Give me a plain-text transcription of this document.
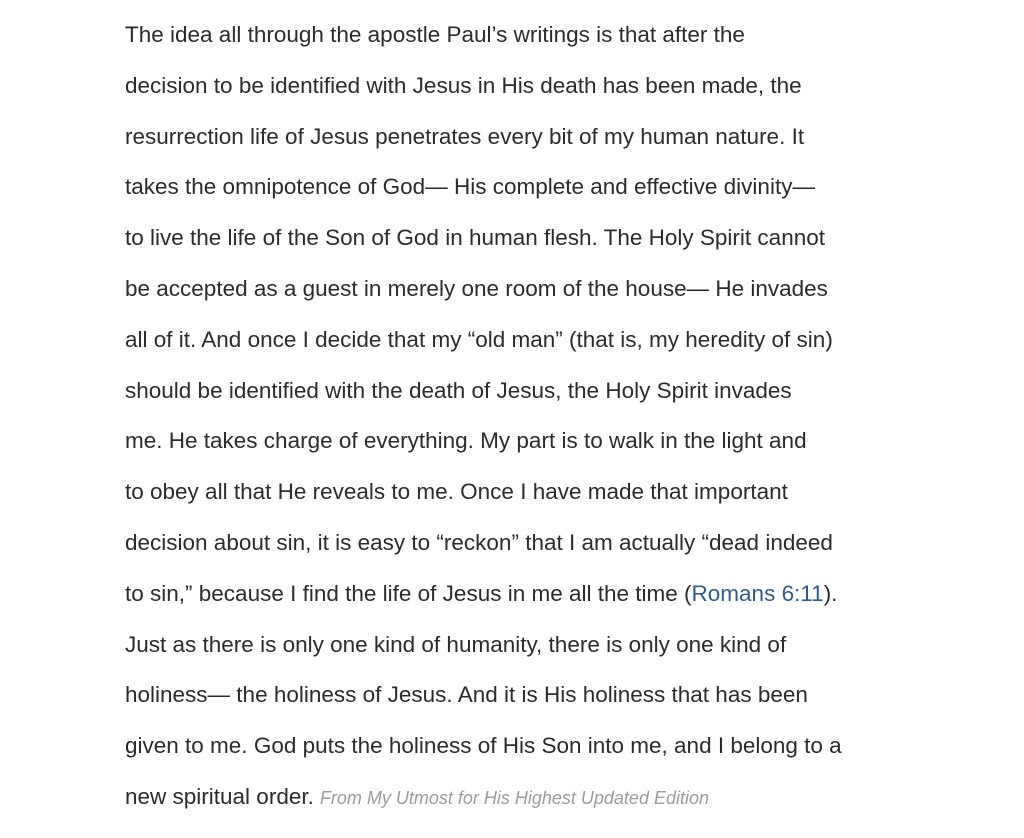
The idea all through the apostle Paul’s writings is that after the
decision to be identified with Jesus in His death has been made, the
resurrection life of Jesus penetrates every bit of my human nature. It
takes the omnipotence of God— His complete and effective divinity—
to live the life of the Son of God in human flesh. The Holy Spirit cannot
be accepted as a guest in merely one room of the house— He invades
all of it. And once I decide that my “old man” (that is, my heredity of sin)
should be identified with the death of Jesus, the Holy Spirit invades
me. He takes charge of everything. My part is to walk in the light and
to obey all that He reveals to me. Once I have made that important
decision about sin, it is easy to “reckon” that I am actually “dead indeed
to sin,” because I find the life of Jesus in me all the time (Romans 6:11).
Just as there is only one kind of humanity, there is only one kind of
holiness— the holiness of Jesus. And it is His holiness that has been
given to me. God puts the holiness of His Son into me, and I belong to a
new spiritual order. From My Utmost for His Highest Updated Edition
